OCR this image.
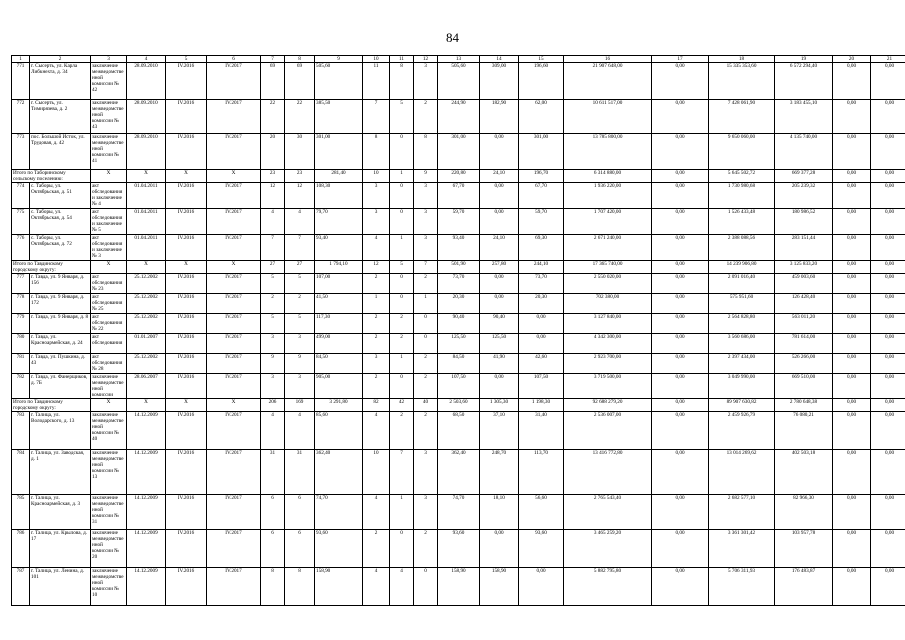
84
1	2	3	4	5	6	7	8	9	10	11	12	13	14	15	16	17	18	19	20	21
771	г. Сысерть, ул. Карла Либкнехта, д. 34	заключение межведомственной комиссии № 42	28.09.2010	IV.2016	IV.2017	69	69	505,60	11	8	3	505,60	309,00	196,60	21 907 648,00	0,00	15 335 353,60	6 572 294,40	0,00	0,00
772	г. Сысерть, ул. Тимирязева, д. 2	заключение межведомственной комиссии № 43	28.09.2010	IV.2016	IV.2017	22	22	385,50	7	5	2	244,90	182,90	62,00	10 611 517,00	0,00	7 428 061,90	3 183 455,10	0,00	0,00
773	пос. Большой Исток, ул. Трудовая, д. 42	заключение межведомственной комиссии № 41	28.09.2010	IV.2016	IV.2017	20	30	301,00	8	0	8	301,00	0,00	301,00	13 785 800,00	0,00	9 650 060,00	4 135 740,00	0,00	0,00
Итого по Таборинскому сельскому поселению:		X	X	X	X	23	23	281,40	10	1	9	220,80	24,10	196,70	6 314 880,00	0,00	5 645 502,72	669 377,28	0,00	0,00
774	с. Таборы, ул. Октябрьская, д. 51	акт обследования и заключение № 4	01.04.2011	IV.2016	IV.2017	12	12	108,30	3	0	3	67,70	0,00	67,70	1 936 220,00	0,00	1 730 980,68	205 239,32	0,00	0,00
775	с. Таборы, ул. Октябрьская, д. 54	акт обследования и заключение № 5	01.04.2011	IV.2016	IV.2017	4	4	79,70	3	0	3	59,70	0,00	59,70	1 707 420,00	0,00	1 526 433,48	180 986,52	0,00	0,00
776	с. Таборы, ул. Октябрьская, д. 72	акт обследования и заключение № 3	01.04.2011	IV.2016	IV.2017	7	7	93,40	4	1	3	93,40	24,10	69,30	2 671 240,00	0,00	2 388 088,56	283 151,44	0,00	0,00
Итого по Тавдинскому городскому округу:		X	X	X	X	27	27	1 794,10	12	5	7	501,90	257,80	244,10	17 365 740,00	0,00	14 239 906,80	3 125 833,20	0,00	0,00
777	г. Тавда, ул. 9 Января, д. 156	акт обследования № 23	25.12.2002	IV.2016	IV.2017	5	5	107,00	2	0	2	73,70	0,00	73,70	2 550 020,00	0,00	2 091 016,40	459 003,60	0,00	0,00
778	г. Тавда, ул. 9 Января, д. 172	акт обследования № 25	25.12.2002	IV.2016	IV.2017	2	2	41,50	1	0	1	20,30	0,00	20,30	702 380,00	0,00	575 951,60	126 428,40	0,00	0,00
779	г. Тавда, ул. 9 Января, д. 8	акт обследования № 22	25.12.2002	IV.2016	IV.2017	5	5	117,30	2	2	0	90,40	90,40	0,00	3 127 840,00	0,00	2 564 828,80	563 011,20	0,00	0,00
780	г. Тавда, ул. Красноармейская, д. 24	акт обследования	01.01.2007	IV.2016	IV.2017	3	3	499,00	2	2	0	125,50	125,50	0,00	4 342 300,00	0,00	3 560 686,00	781 614,00	0,00	0,00
781	г. Тавда, ул. Пушкина, д. 43	акт обследования № 28	25.12.2002	IV.2016	IV.2017	9	9	84,50	3	1	2	84,50	41,90	42,60	2 923 700,00	0,00	2 397 434,00	526 266,00	0,00	0,00
782	г. Тавда, ул. Фанерщиков, д. 7Б	заключение межведомственной комиссии	28.06.2007	IV.2016	IV.2017	3	3	905,00	2	0	2	107,50	0,00	107,50	3 719 500,00	0,00	3 049 990,00	669 510,00	0,00	0,00
Итого по Тавдинскому городскому округу:		X	X	X	X	206	169	3 291,80	82	42	40	2 503,60	1 305,30	1 198,30	92 688 279,20	0,00	89 907 630,82	2 780 648,38	0,00	0,00
783	г. Талица, ул. Володарского, д. 13	заключение межведомственной комиссии № 40	14.12.2009	IV.2016	IV.2017	4	4	85,60	4	2	2	68,50	37,10	31,40	2 536 007,00	0,00	2 459 926,79	76 080,21	0,00	0,00
784	г. Талица, ул. Заводская, д. 1	заключение межведомственной комиссии № 13	14.12.2009	IV.2016	IV.2017	31	31	362,40	10	7	3	362,40	248,70	113,70	13 416 772,80	0,00	13 014 269,62	402 503,18	0,00	0,00
785	г. Талица, ул. Красноармейская, д. 3	заключение межведомственной комиссии № 31	14.12.2009	IV.2016	IV.2017	6	6	74,70	4	1	3	74,70	18,10	56,60	2 765 543,40	0,00	2 682 577,10	82 966,30	0,00	0,00
786	г. Талица, ул. Крылова, д. 17	заключение межведомственной комиссии № 20	14.12.2009	IV.2016	IV.2017	6	6	93,60	2	0	2	93,60	0,00	93,60	3 465 259,20	0,00	3 361 301,42	103 957,78	0,00	0,00
787	г. Талица, ул. Ленина, д. 101	заключение межведомственной комиссии № 10	14.12.2009	IV.2016	IV.2017	8	8	158,90	4	4	0	158,90	158,90	0,00	5 882 795,80	0,00	5 706 311,93	176 483,87	0,00	0,00
